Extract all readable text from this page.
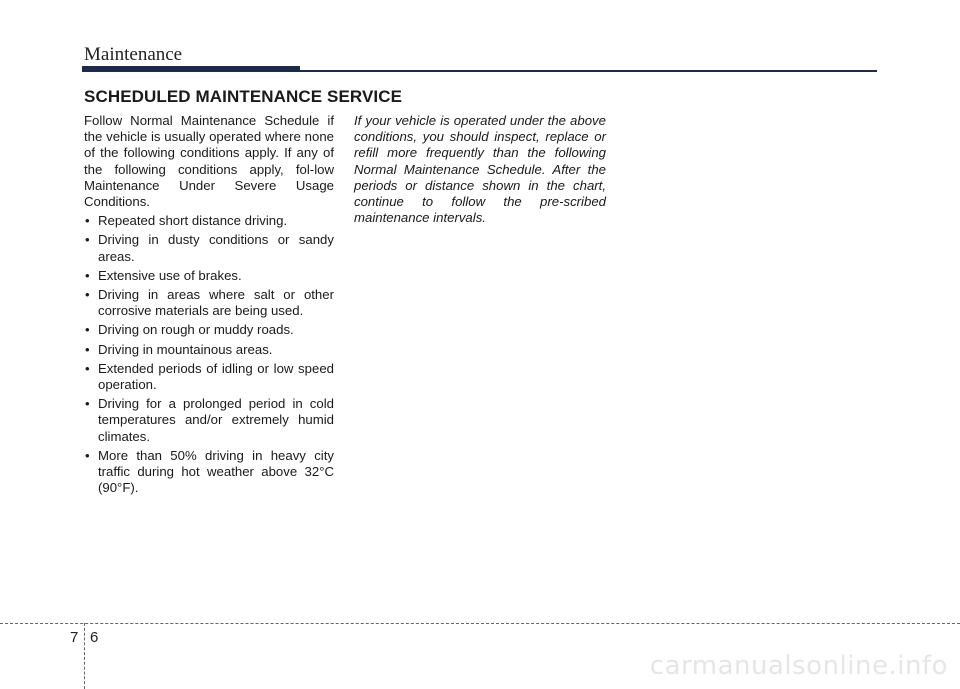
Maintenance
SCHEDULED MAINTENANCE SERVICE

Follow Normal Maintenance Schedule if the vehicle is usually operated where none of the following conditions apply. If any of the following conditions apply, fol-low Maintenance Under Severe Usage Conditions.

• Repeated short distance driving.
• Driving in dusty conditions or sandy areas.
• Extensive use of brakes.
• Driving in areas where salt or other corrosive materials are being used.
• Driving on rough or muddy roads.
• Driving in mountainous areas.
• Extended periods of idling or low speed operation.
• Driving for a prolonged period in cold temperatures and/or extremely humid climates.
• More than 50% driving in heavy city traffic during hot weather above 32°C (90°F).

If your vehicle is operated under the above conditions, you should inspect, replace or refill more frequently than the following Normal Maintenance Schedule. After the periods or distance shown in the chart, continue to follow the pre-scribed maintenance intervals.

7 6
carmanualsonline.info
